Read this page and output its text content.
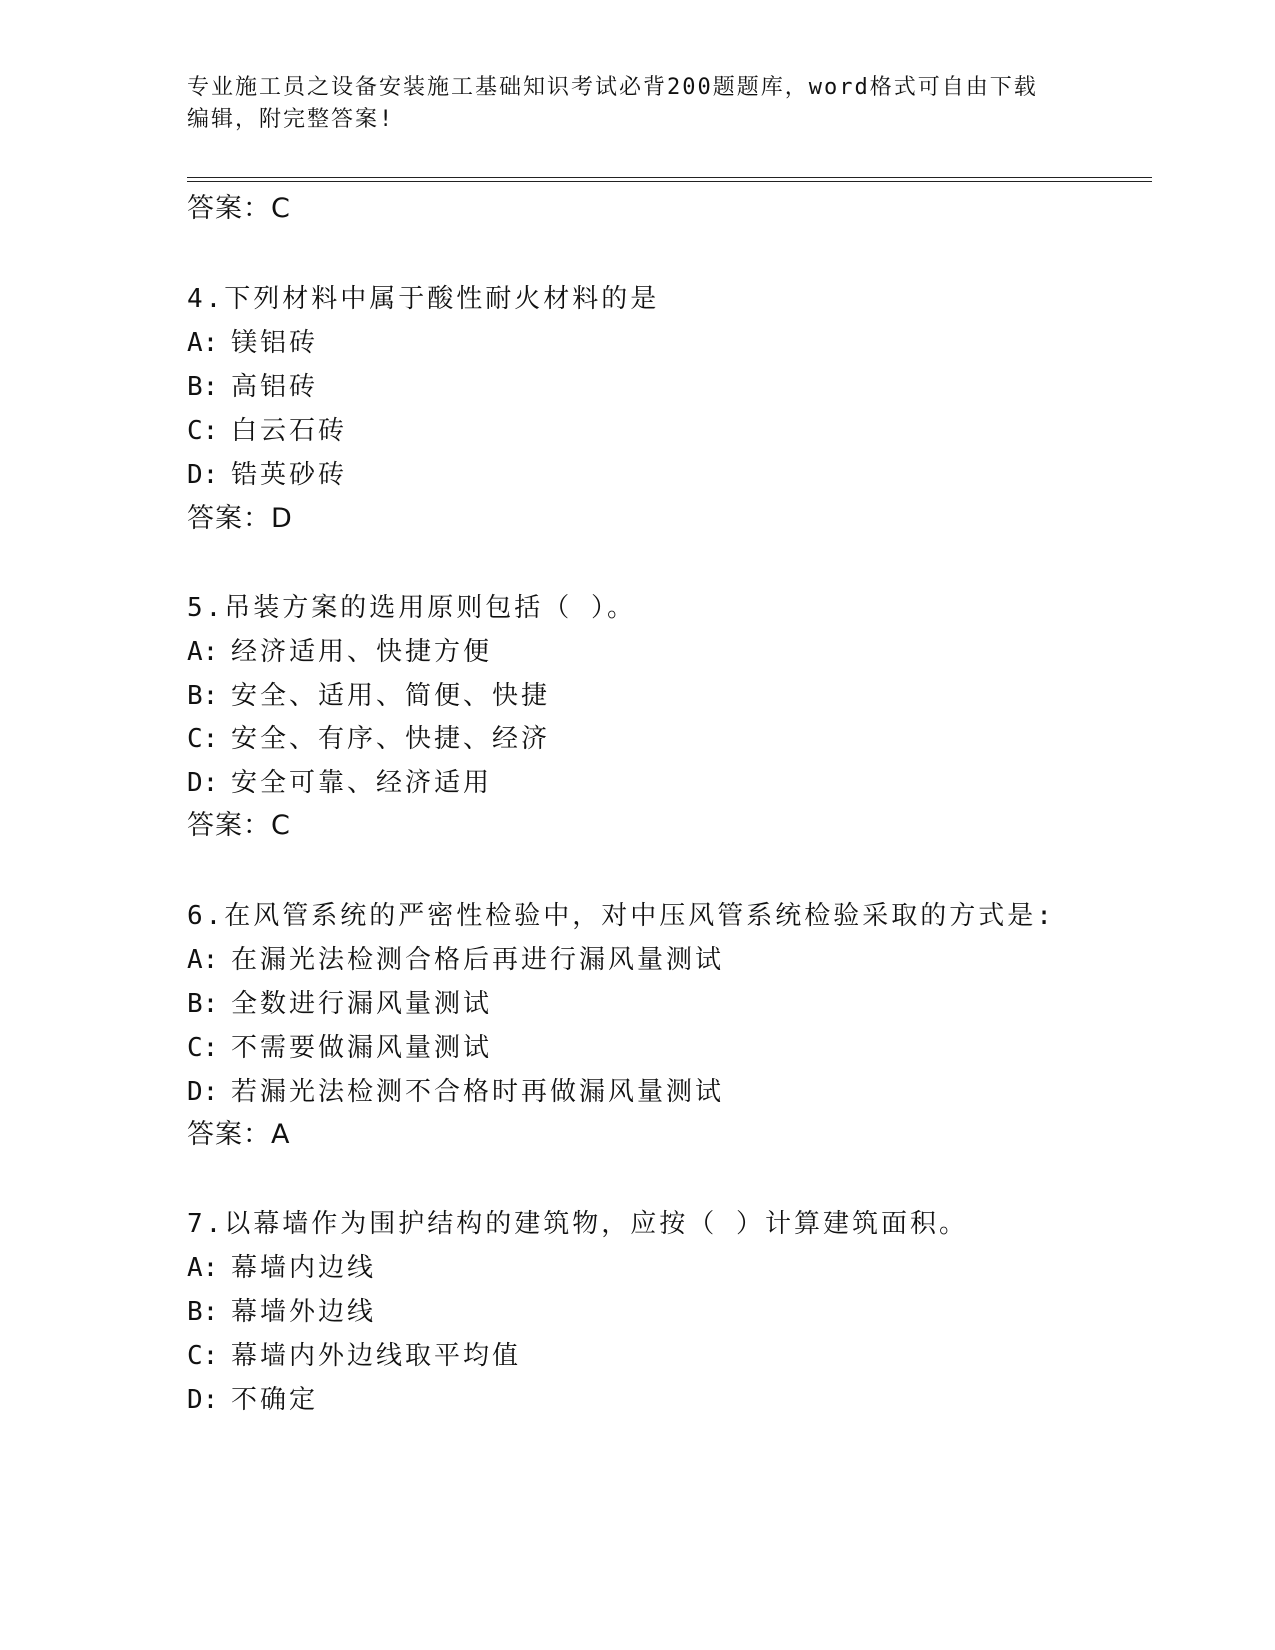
专业施工员之设备安装施工基础知识考试必背200题题库，word格式可自由下载
编辑，附完整答案!
答案：C
4.下列材料中属于酸性耐火材料的是
A: 镁铝砖
B: 高铝砖
C: 白云石砖
D: 锆英砂砖
答案：D
5.吊装方案的选用原则包括（ ）。
A: 经济适用、快捷方便
B: 安全、适用、简便、快捷
C: 安全、有序、快捷、经济
D: 安全可靠、经济适用
答案：C
6.在风管系统的严密性检验中，对中压风管系统检验采取的方式是:
A: 在漏光法检测合格后再进行漏风量测试
B: 全数进行漏风量测试
C: 不需要做漏风量测试
D: 若漏光法检测不合格时再做漏风量测试
答案：A
7.以幕墙作为围护结构的建筑物，应按（ ）计算建筑面积。
A: 幕墙内边线
B: 幕墙外边线
C: 幕墙内外边线取平均值
D: 不确定
